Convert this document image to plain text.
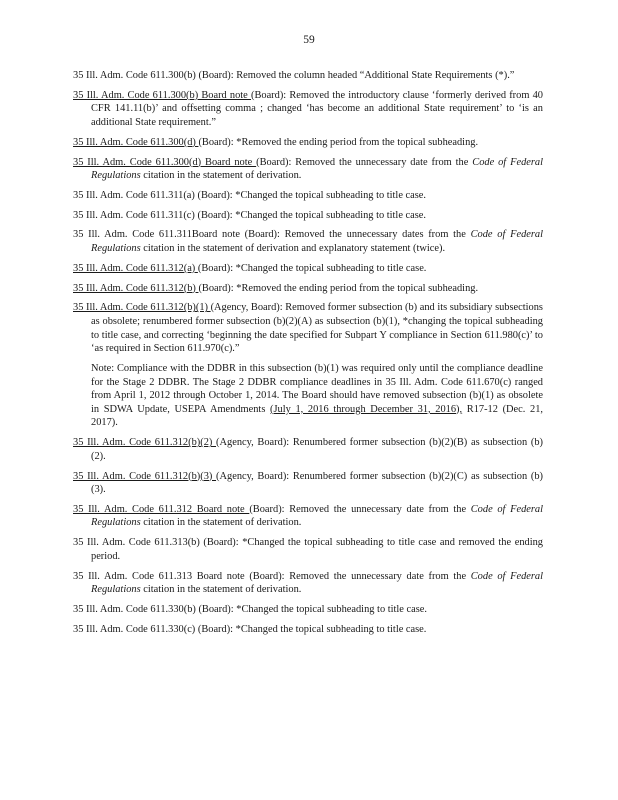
59

35 Ill. Adm. Code 611.300(b) (Board): Removed the column headed “Additional State Requirements (*).”

35 Ill. Adm. Code 611.300(b) Board note (Board): Removed the introductory clause ‘formerly derived from 40 CFR 141.11(b)’ and offsetting comma ; changed ‘has become an additional State requirement’ to ‘is an additional State requirement.”

35 Ill. Adm. Code 611.300(d) (Board): *Removed the ending period from the topical subheading.

35 Ill. Adm. Code 611.300(d) Board note (Board): Removed the unnecessary date from the Code of Federal Regulations citation in the statement of derivation.

35 Ill. Adm. Code 611.311(a) (Board): *Changed the topical subheading to title case.

35 Ill. Adm. Code 611.311(c) (Board): *Changed the topical subheading to title case.

35 Ill. Adm. Code 611.311Board note (Board): Removed the unnecessary dates from the Code of Federal Regulations citation in the statement of derivation and explanatory statement (twice).

35 Ill. Adm. Code 611.312(a) (Board): *Changed the topical subheading to title case.

35 Ill. Adm. Code 611.312(b) (Board): *Removed the ending period from the topical subheading.

35 Ill. Adm. Code 611.312(b)(1) (Agency, Board): Removed former subsection (b) and its subsidiary subsections as obsolete; renumbered former subsection (b)(2)(A) as subsection (b)(1), *changing the topical subheading to title case, and correcting ‘beginning the date specified for Subpart Y compliance in Section 611.980(c)’ to ‘as required in Section 611.970(c).”

Note: Compliance with the DDBR in this subsection (b)(1) was required only until the compliance deadline for the Stage 2 DDBR. The Stage 2 DDBR compliance deadlines in 35 Ill. Adm. Code 611.670(c) ranged from April 1, 2012 through October 1, 2014. The Board should have removed subsection (b)(1) as obsolete in SDWA Update, USEPA Amendments (July 1, 2016 through December 31, 2016), R17-12 (Dec. 21, 2017).

35 Ill. Adm. Code 611.312(b)(2) (Agency, Board): Renumbered former subsection (b)(2)(B) as subsection (b)(2).

35 Ill. Adm. Code 611.312(b)(3) (Agency, Board): Renumbered former subsection (b)(2)(C) as subsection (b)(3).

35 Ill. Adm. Code 611.312 Board note (Board): Removed the unnecessary date from the Code of Federal Regulations citation in the statement of derivation.

35 Ill. Adm. Code 611.313(b) (Board): *Changed the topical subheading to title case and removed the ending period.

35 Ill. Adm. Code 611.313 Board note (Board): Removed the unnecessary date from the Code of Federal Regulations citation in the statement of derivation.

35 Ill. Adm. Code 611.330(b) (Board): *Changed the topical subheading to title case.

35 Ill. Adm. Code 611.330(c) (Board): *Changed the topical subheading to title case.
